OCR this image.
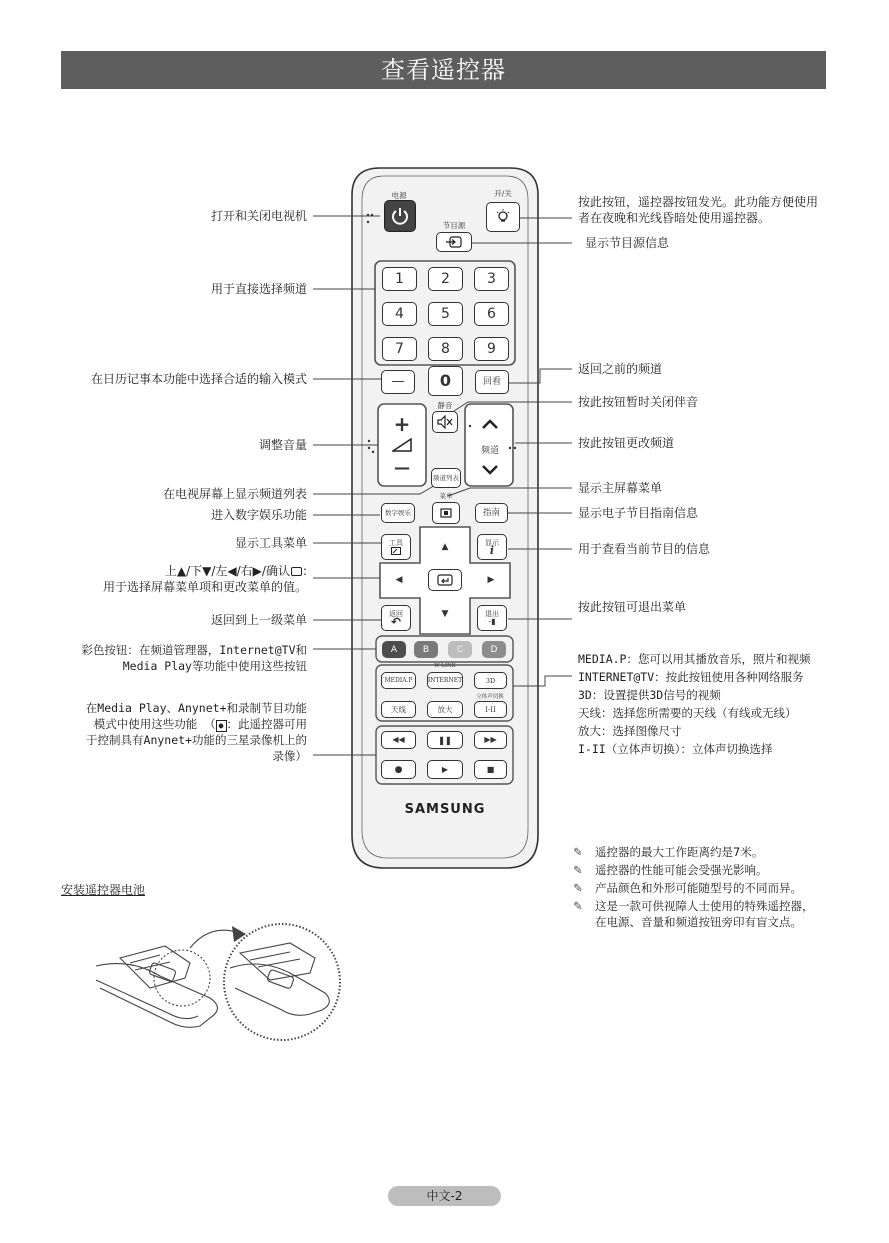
查看遥控器
电源	开/关
节目源
1	2	3
4	5	6
7	8	9
—	0	回看
静音
+
—
频道
频道列表
菜单
数字娱乐	指南
工具	显示
i
▲
◀	▶
▼
返回
↶
退出
-▮
A	B	C	D
W-LINK
MEDIA.P	INTERNET	3D
立体声切换
天线	放大	I-II
◀◀	❚❚	▶▶
●	▶	■
SAMSUNG
打开和关闭电视机
用于直接选择频道
在日历记事本功能中选择合适的输入模式
调整音量
在电视屏幕上显示频道列表
进入数字娱乐功能
显示工具菜单
上▲/下▼/左◀/右▶/确认 :
用于选择屏幕菜单项和更改菜单的值。
返回到上一级菜单
彩色按钮：在频道管理器，Internet@TV和
Media Play等功能中使用这些按钮
在Media Play、Anynet+和录制节目功能
模式中使用这些功能 （ ● ：此遥控器可用
于控制具有Anynet+功能的三星录像机上的
录像）
按此按钮，遥控器按钮发光。此功能方便使用
者在夜晚和光线昏暗处使用遥控器。
显示节目源信息
返回之前的频道
按此按钮暂时关闭伴音
按此按钮更改频道
显示主屏幕菜单
显示电子节目指南信息
用于查看当前节目的信息
按此按钮可退出菜单
MEDIA.P：您可以用其播放音乐，照片和视频
INTERNET@TV：按此按钮使用各种网络服务
3D：设置提供3D信号的视频
天线：选择您所需要的天线（有线或无线）
放大：选择图像尺寸
I-II（立体声切换）：立体声切换选择
✎ 遥控器的最大工作距离约是7米。
✎ 遥控器的性能可能会受强光影响。
✎ 产品颜色和外形可能随型号的不同而异。
✎ 这是一款可供视障人士使用的特殊遥控器，
在电源、音量和频道按钮旁印有盲文点。
安装遥控器电池
中文-2
